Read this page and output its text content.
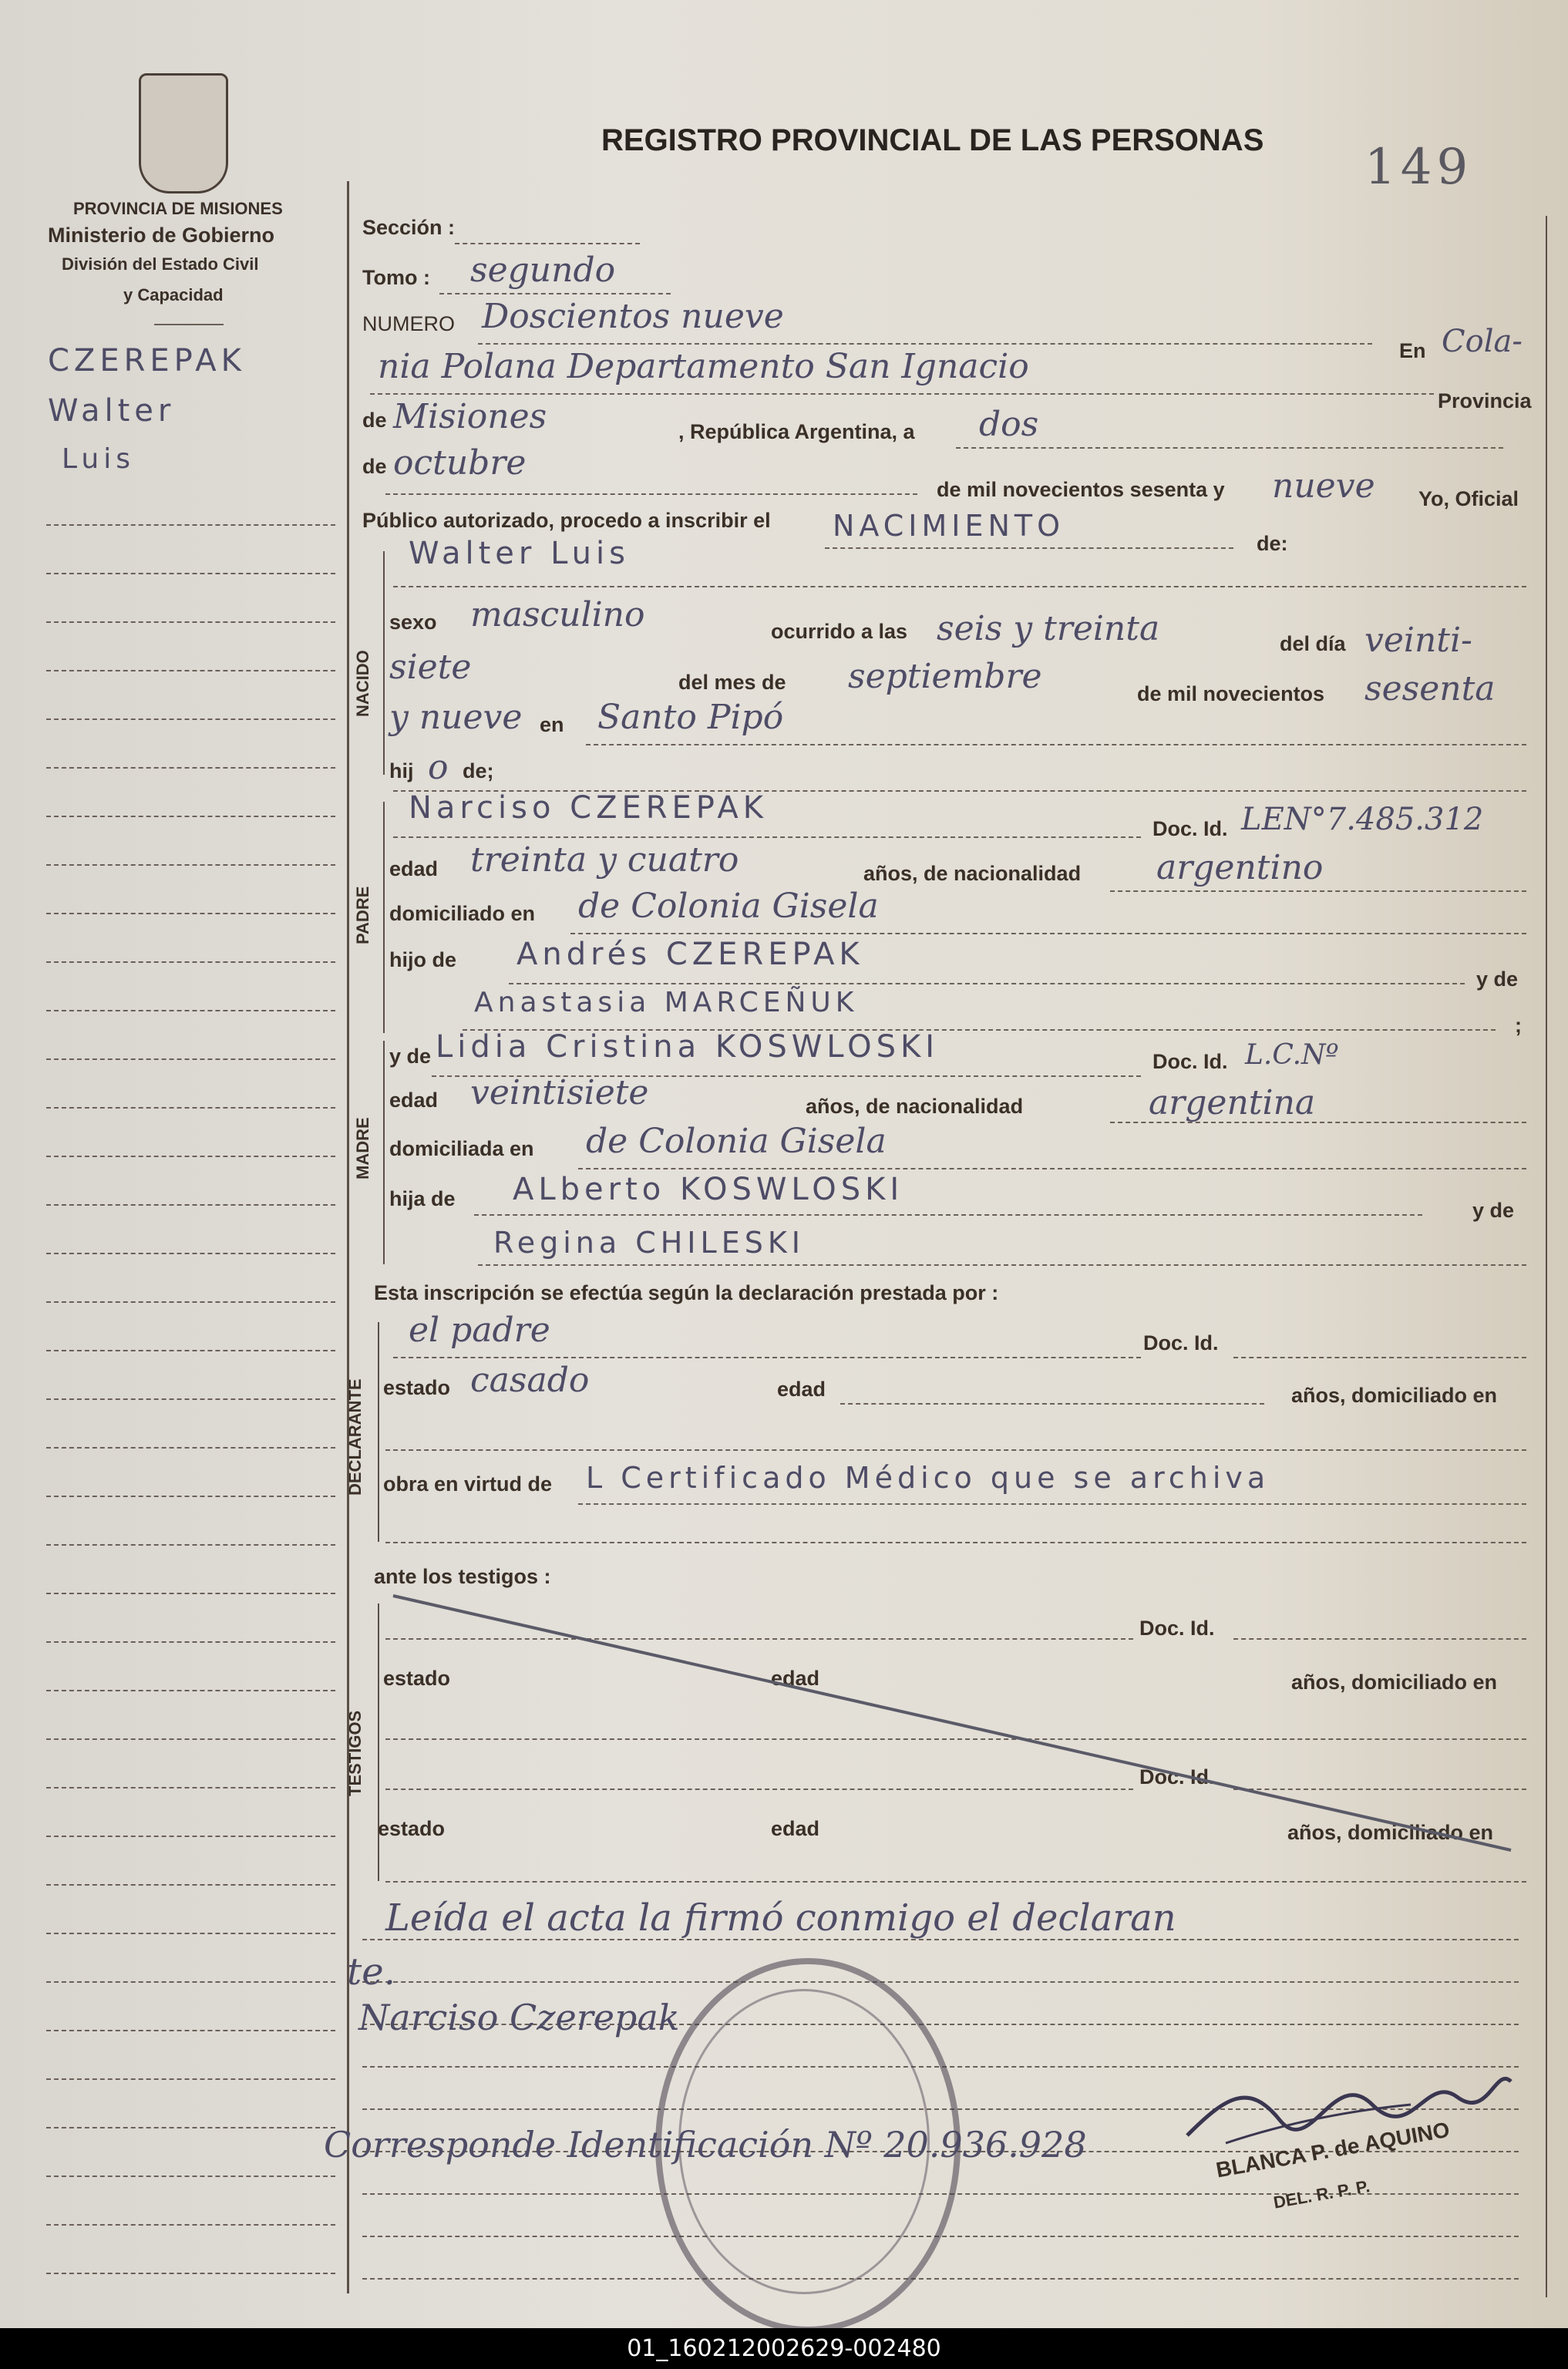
PROVINCIA DE MISIONES
Ministerio de Gobierno
División del Estado Civil
y Capacidad
CZEREPAK
Walter
Luis
REGISTRO PROVINCIAL DE LAS PERSONAS 149
Sección :
Tomo : segundo
NUMERO Doscientos nueve
En Cola-
nia Polana Departamento San Ignacio
Provincia
de Misiones	, República Argentina, a dos
de octubre
de mil novecientos sesenta y nueve Yo, Oficial
Público autorizado, procedo a inscribir el NACIMIENTO
de:
NACIDO
Walter Luis
sexo masculino	ocurrido a las seis y treinta	del día veinti-
siete	del mes de septiembre	de mil novecientos sesenta
y nueve en Santo Pipó
hij o de;
PADRE
Narciso CZEREPAK
Doc. Id. LEN°7.485.312
edad treinta y cuatro	años, de nacionalidad argentino
domiciliado en de Colonia Gisela
hijo de Andrés CZEREPAK
y de
Anastasia MARCEÑUK
;
MADRE
y de Lidia Cristina KOSWLOSKI	Doc. Id. L.C.Nº
edad veintisiete	años, de nacionalidad	argentina
domiciliada en de Colonia Gisela
hija de ALberto KOSWLOSKI
y de
Regina CHILESKI
Esta inscripción se efectúa según la declaración prestada por :
DECLARANTE
el padre	Doc. Id.
estado casado	edad	años, domiciliado en
obra en virtud de L Certificado Médico que se archiva
ante los testigos :
TESTIGOS
Doc. Id.
estado	edad	años, domiciliado en
Doc. Id.
estado	edad	años, domiciliado en
Leída el acta la firmó conmigo el declaran
te.
Narciso Czerepak
Corresponde Identificación Nº 20.936.928	BLANCA P. de AQUINO
DEL. R. P. P.
01_160212002629-002480
